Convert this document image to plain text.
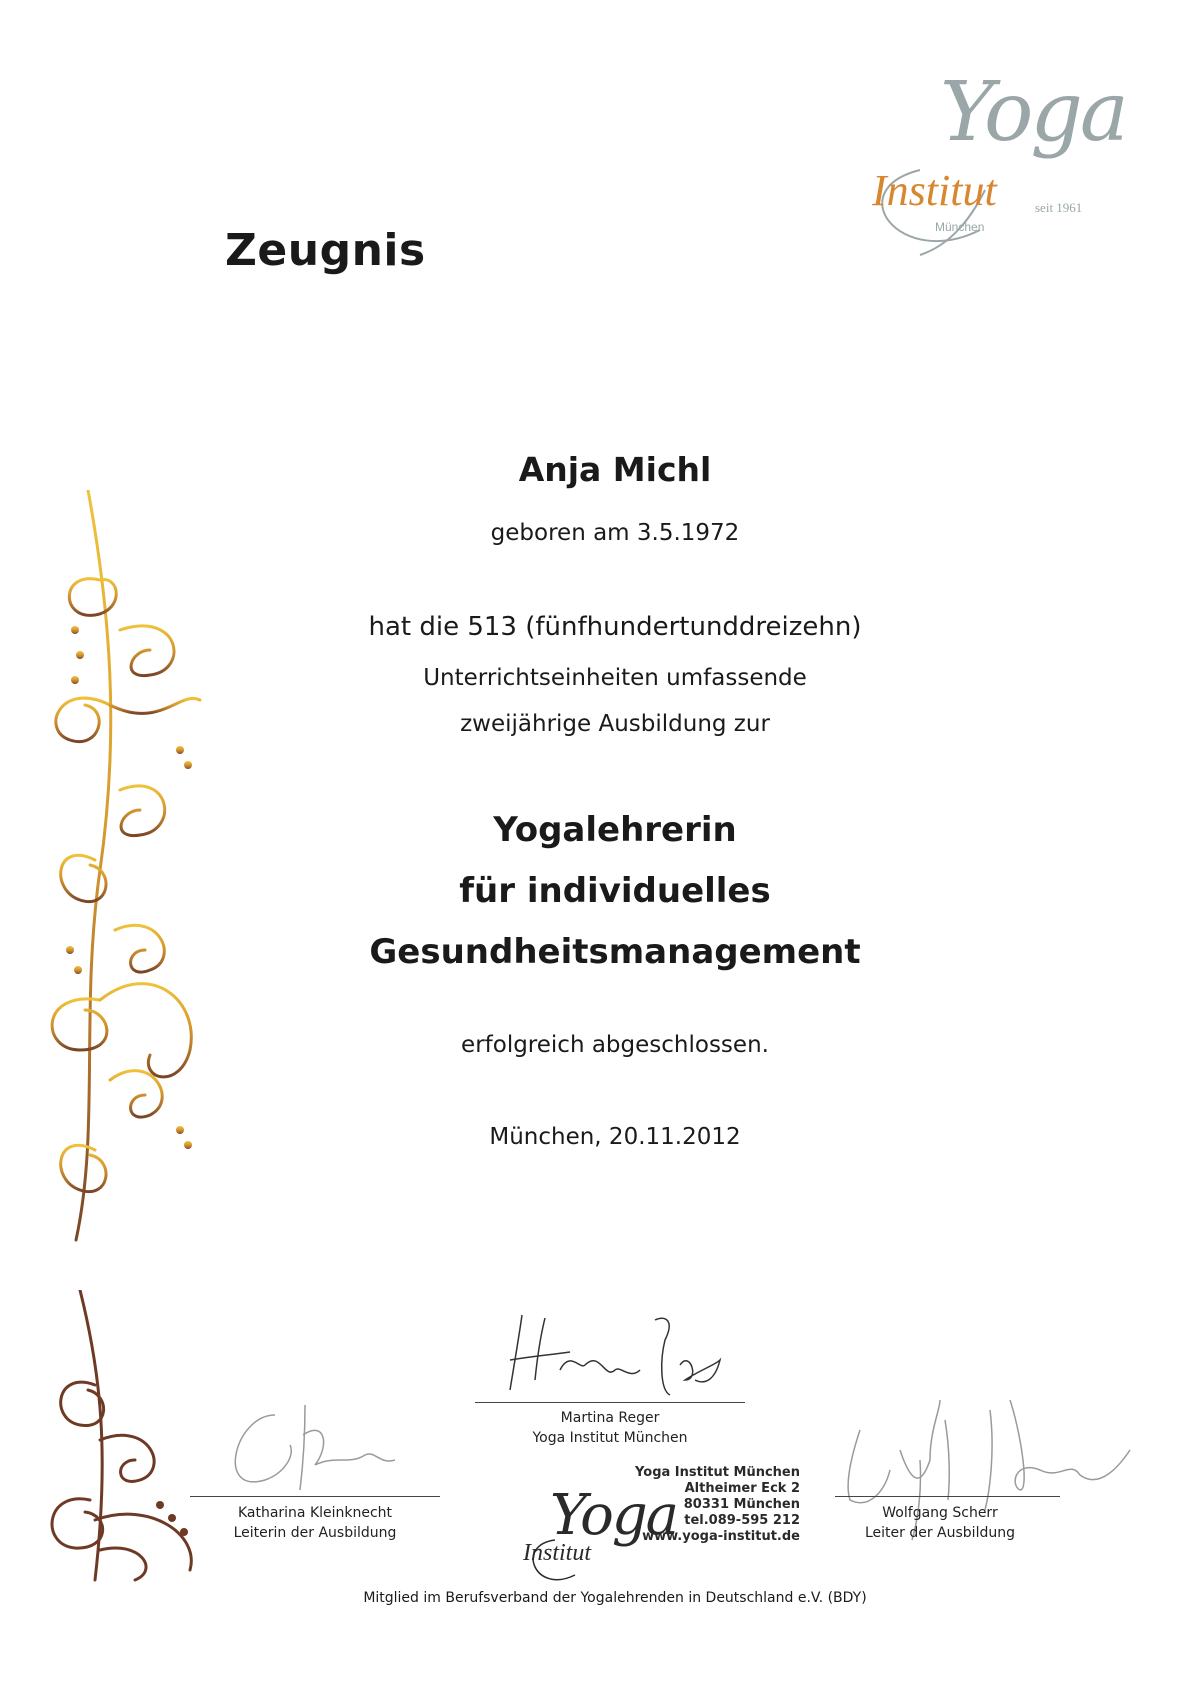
Yoga
Institut	seit 1961
München
Zeugnis
Anja Michl
geboren am 3.5.1972
hat die 513 (fünfhundertunddreizehn)
Unterrichtseinheiten umfassende
zweijährige Ausbildung zur
Yogalehrerin
für individuelles
Gesundheitsmanagement
erfolgreich abgeschlossen.
München, 20.11.2012
Martina Reger
Yoga Institut München
Katharina Kleinknecht
Leiterin der Ausbildung
Wolfgang Scherr
Leiter der Ausbildung
Yoga
Institut
Yoga Institut München
Altheimer Eck 2
80331 München
tel.089-595 212
www.yoga-institut.de
Mitglied im Berufsverband der Yogalehrenden in Deutschland e.V. (BDY)
